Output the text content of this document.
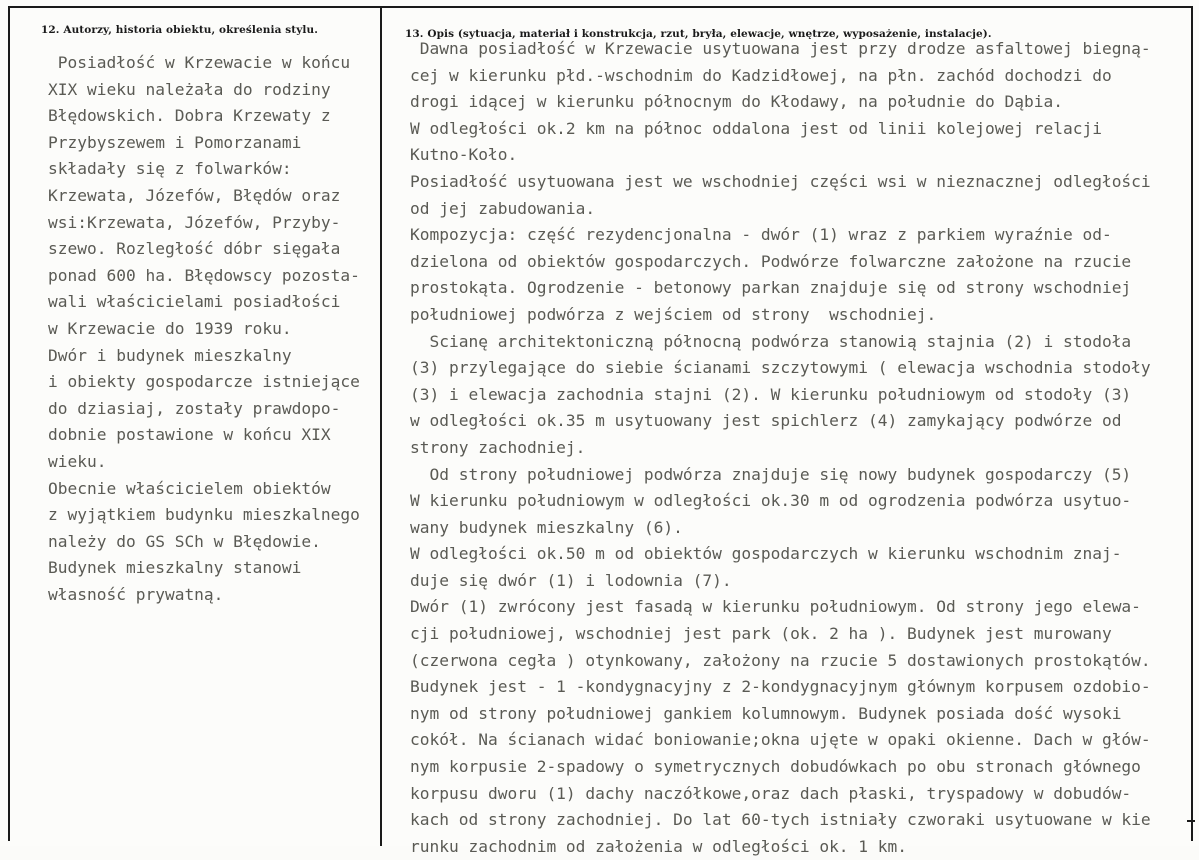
12. Autorzy, historia obiektu, określenia stylu.	13. Opis (sytuacja, materiał i konstrukcja, rzut, bryła, elewacje, wnętrze, wyposażenie, instalacje).
Posiadłość w Krzewacie w końcu
XIX wieku należała do rodziny
Błędowskich. Dobra Krzewaty z
Przybyszewem i Pomorzanami
składały się z folwarków:
Krzewata, Józefów, Błędów oraz
wsi:Krzewata, Józefów, Przyby-
szewo. Rozległość dóbr sięgała
ponad 600 ha. Błędowscy pozosta-
wali właścicielami posiadłości
w Krzewacie do 1939 roku.
Dwór i budynek mieszkalny
i obiekty gospodarcze istniejące
do dziasiaj, zostały prawdopo-
dobnie postawione w końcu XIX
wieku.
Obecnie właścicielem obiektów
z wyjątkiem budynku mieszkalnego
należy do GS SCh w Błędowie.
Budynek mieszkalny stanowi
własność prywatną.
Dawna posiadłość w Krzewacie usytuowana jest przy drodze asfaltowej biegną-
cej w kierunku płd.-wschodnim do Kadzidłowej, na płn. zachód dochodzi do
drogi idącej w kierunku północnym do Kłodawy, na południe do Dąbia.
W odległości ok.2 km na północ oddalona jest od linii kolejowej relacji
Kutno-Koło.
Posiadłość usytuowana jest we wschodniej części wsi w nieznacznej odległości
od jej zabudowania.
Kompozycja: część rezydencjonalna - dwór (1) wraz z parkiem wyraźnie od-
dzielona od obiektów gospodarczych. Podwórze folwarczne założone na rzucie
prostokąta. Ogrodzenie - betonowy parkan znajduje się od strony wschodniej
południowej podwórza z wejściem od strony  wschodniej.
Scianę architektoniczną północną podwórza stanowią stajnia (2) i stodoła
(3) przylegające do siebie ścianami szczytowymi ( elewacja wschodnia stodoły
(3) i elewacja zachodnia stajni (2). W kierunku południowym od stodoły (3)
w odległości ok.35 m usytuowany jest spichlerz (4) zamykający podwórze od
strony zachodniej.
Od strony południowej podwórza znajduje się nowy budynek gospodarczy (5)
W kierunku południowym w odległości ok.30 m od ogrodzenia podwórza usytuo-
wany budynek mieszkalny (6).
W odległości ok.50 m od obiektów gospodarczych w kierunku wschodnim znaj-
duje się dwór (1) i lodownia (7).
Dwór (1) zwrócony jest fasadą w kierunku południowym. Od strony jego elewa-
cji południowej, wschodniej jest park (ok. 2 ha ). Budynek jest murowany
(czerwona cegła ) otynkowany, założony na rzucie 5 dostawionych prostokątów.
Budynek jest - 1 -kondygnacyjny z 2-kondygnacyjnym głównym korpusem ozdobio-
nym od strony południowej gankiem kolumnowym. Budynek posiada dość wysoki
cokół. Na ścianach widać boniowanie;okna ujęte w opaki okienne. Dach w głów-
nym korpusie 2-spadowy o symetrycznych dobudówkach po obu stronach głównego
korpusu dworu (1) dachy naczółkowe,oraz dach płaski, tryspadowy w dobudów-
kach od strony zachodniej. Do lat 60-tych istniały czworaki usytuowane w kie
runku zachodnim od założenia w odległości ok. 1 km.
